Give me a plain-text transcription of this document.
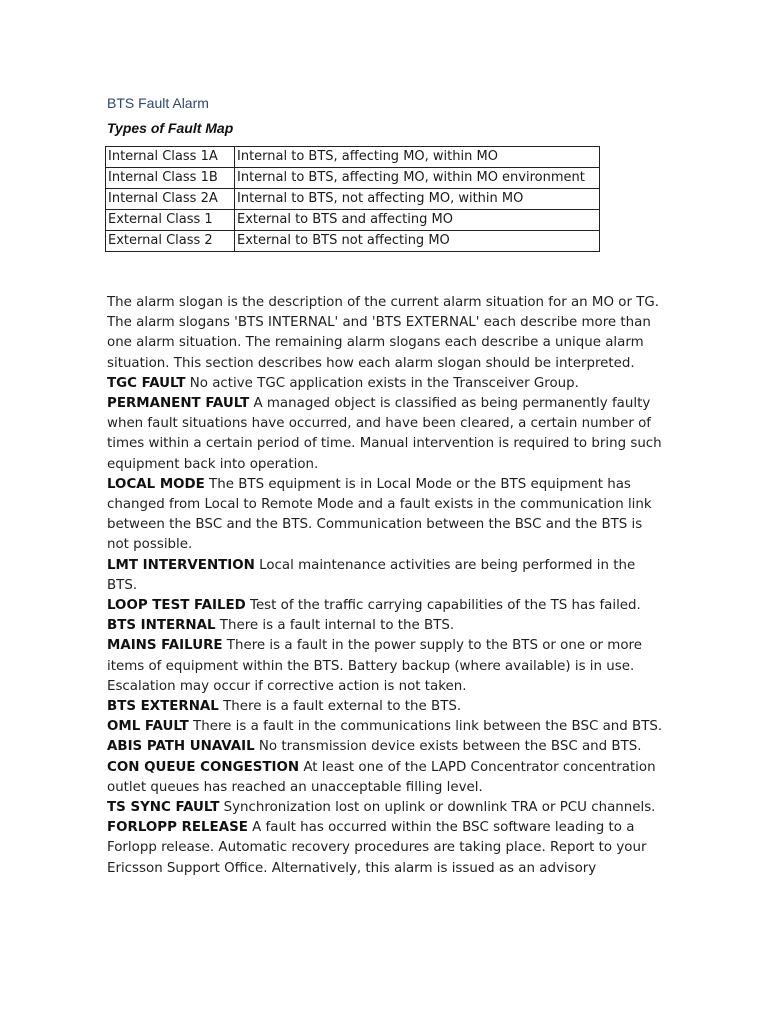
BTS Fault Alarm
Types of Fault Map
Internal Class 1A	Internal to BTS, affecting MO, within MO
Internal Class 1B	Internal to BTS, affecting MO, within MO environment
Internal Class 2A	Internal to BTS, not affecting MO, within MO
External Class 1	External to BTS and affecting MO
External Class 2	External to BTS not affecting MO

The alarm slogan is the description of the current alarm situation for an MO or TG. The alarm slogans 'BTS INTERNAL' and 'BTS EXTERNAL' each describe more than one alarm situation. The remaining alarm slogans each describe a unique alarm situation. This section describes how each alarm slogan should be interpreted.

TGC FAULT No active TGC application exists in the Transceiver Group.

PERMANENT FAULT A managed object is classified as being permanently faulty when fault situations have occurred, and have been cleared, a certain number of times within a certain period of time. Manual intervention is required to bring such equipment back into operation.

LOCAL MODE The BTS equipment is in Local Mode or the BTS equipment has changed from Local to Remote Mode and a fault exists in the communication link between the BSC and the BTS. Communication between the BSC and the BTS is not possible.

LMT INTERVENTION Local maintenance activities are being performed in the BTS.

LOOP TEST FAILED Test of the traffic carrying capabilities of the TS has failed.

BTS INTERNAL There is a fault internal to the BTS.

MAINS FAILURE There is a fault in the power supply to the BTS or one or more items of equipment within the BTS. Battery backup (where available) is in use. Escalation may occur if corrective action is not taken.

BTS EXTERNAL There is a fault external to the BTS.

OML FAULT There is a fault in the communications link between the BSC and BTS.

ABIS PATH UNAVAIL No transmission device exists between the BSC and BTS.

CON QUEUE CONGESTION At least one of the LAPD Concentrator concentration outlet queues has reached an unacceptable filling level.

TS SYNC FAULT Synchronization lost on uplink or downlink TRA or PCU channels.

FORLOPP RELEASE A fault has occurred within the BSC software leading to a Forlopp release. Automatic recovery procedures are taking place. Report to your Ericsson Support Office. Alternatively, this alarm is issued as an advisory
